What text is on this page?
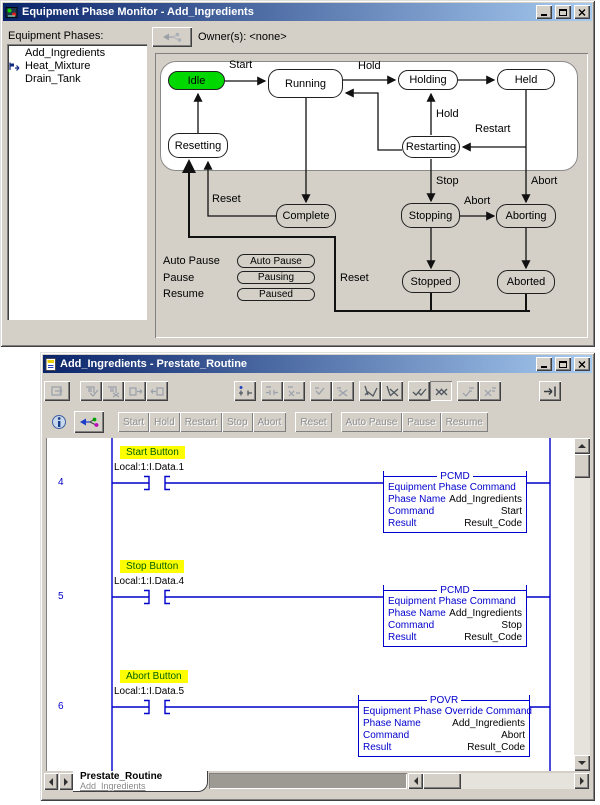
Equipment Phase Monitor - Add_Ingredients
Equipment Phases:
Add_Ingredients
Heat_Mixture
Drain_Tank
Owner(s): <none>
Idle	Running	Holding	Held
Resetting	Restarting
Complete	Stopping	Aborting
Stopped	Aborted
Start	Hold
Hold
Restart
Stop	Abort
Abort
Reset
Reset
Auto Pause
Pause
Resume
Auto Pause
Pausing
Paused
Add_Ingredients - Prestate_Routine
Start	Hold	Restart	Stop	Abort	Reset	Auto Pause	Pause	Resume
4
Start Button
Local:1:I.Data.1
PCMD
Equipment Phase Command
Phase Name Add_Ingredients
Command	Start
Result	Result_Code
5
Stop Button
Local:1:I.Data.4
PCMD
Equipment Phase Command
Phase Name Add_Ingredients
Command	Stop
Result	Result_Code
6
Abort Button
Local:1:I.Data.5
POVR
Equipment Phase Override Command
Phase Name	Add_Ingredients
Command	Abort
Result	Result_Code
Prestate_Routine
Add_Ingredients
